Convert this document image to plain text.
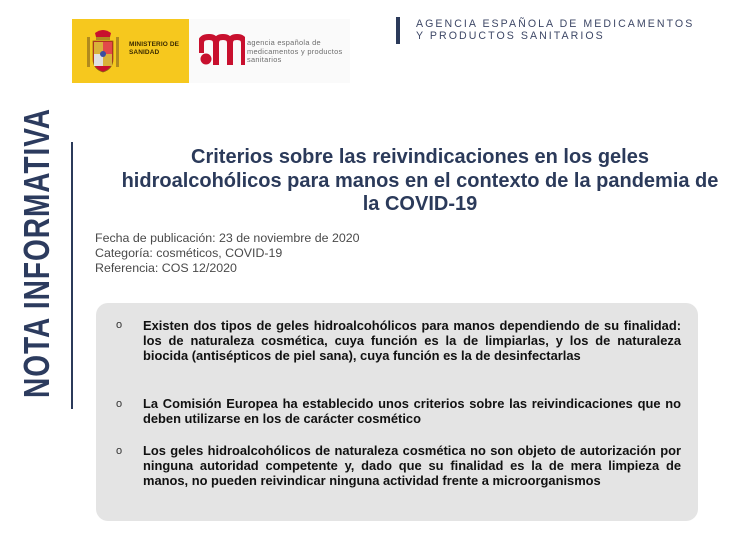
MINISTERIO DE SANIDAD
agencia española de medicamentos y productos sanitarios
AGENCIA ESPAÑOLA DE MEDICAMENTOS
Y PRODUCTOS SANITARIOS
NOTA INFORMATIVA	Criterios sobre las reivindicaciones en los geles hidroalcohólicos para manos en el contexto de la pandemia de la COVID-19
Fecha de publicación: 23 de noviembre de 2020
Categoría: cosméticos, COVID-19
Referencia: COS 12/2020
o	Existen dos tipos de geles hidroalcohólicos para manos dependiendo de su finalidad: los de naturaleza cosmética, cuya función es la de limpiarlas, y los de naturaleza biocida (antisépticos de piel sana), cuya función es la de desinfectarlas
o	La Comisión Europea ha establecido unos criterios sobre las reivindicaciones que no deben utilizarse en los de carácter cosmético
o	Los geles hidroalcohólicos de naturaleza cosmética no son objeto de autorización por ninguna autoridad competente y, dado que su finalidad es la de mera limpieza de manos, no pueden reivindicar ninguna actividad frente a microorganismos
